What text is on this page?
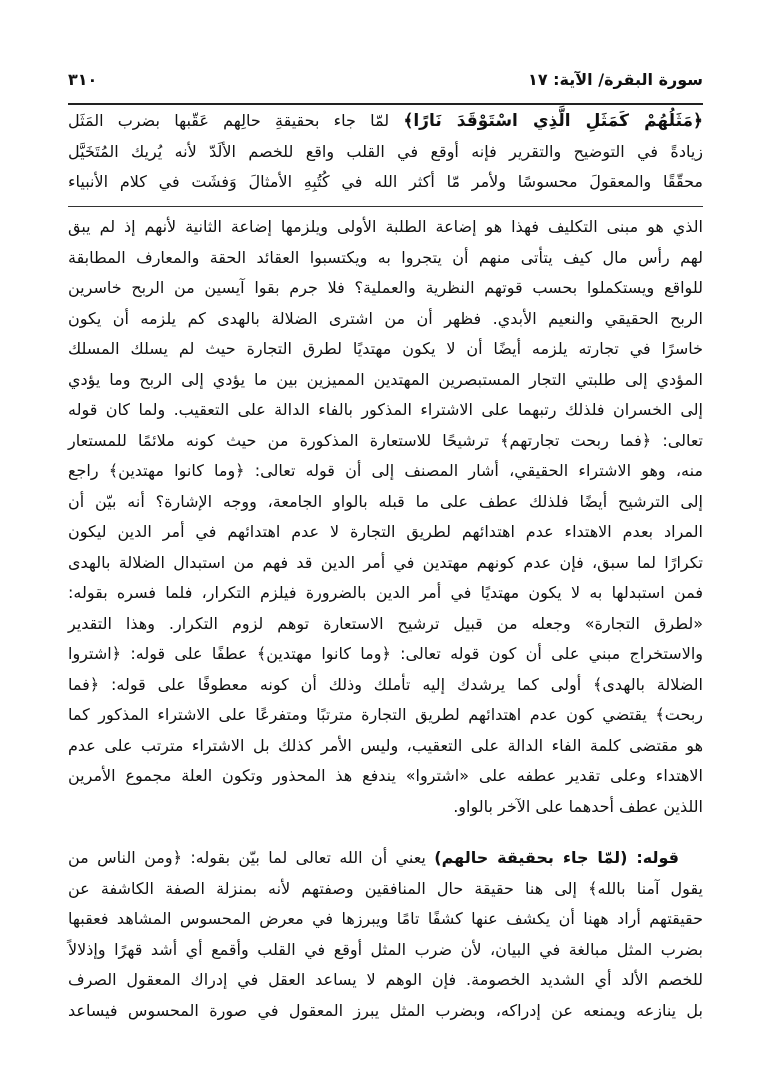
سورة البقرة/ الآية: ١٧
٣١٠
﴿مَثَلُهُمْ كَمَثَلِ الَّذِي اسْتَوْقَدَ نَارًا﴾ لمّا جاء بحقيقةِ حالِهم عَقّبها بضرب المَثَل
زيادةً في التوضيح والتقرير فإنه أوقع في القلب واقع للخصم الألَدّ لأنه يُريك المُتَخَيَّل
محقّقًا والمعقولَ محسوسًا ولأمر مّا أكثر الله في كُتُبِهِ الأمثالَ وَفشَت في كلام الأنبياء
الذي هو مبنى التكليف فهذا هو إضاعة الطلبة الأولى ويلزمها إضاعة الثانية لأنهم إذ لم يبق
لهم رأس مال كيف يتأتى منهم أن يتجروا به ويكتسبوا العقائد الحقة والمعارف المطابقة
للواقع ويستكملوا بحسب قوتهم النظرية والعملية؟ فلا جرم بقوا آيسين من الربح خاسرين
الربح الحقيقي والنعيم الأبدي. فظهر أن من اشترى الضلالة بالهدى كم يلزمه أن يكون
خاسرًا في تجارته يلزمه أيضًا أن لا يكون مهتديًا لطرق التجارة حيث لم يسلك المسلك
المؤدي إلى طلبتي التجار المستبصرين المهتدين المميزين بين ما يؤدي إلى الربح وما يؤدي
إلى الخسران فلذلك رتبهما على الاشتراء المذكور بالفاء الدالة على التعقيب. ولما كان قوله
تعالى: ﴿فما ربحت تجارتهم﴾ ترشيحًا للاستعارة المذكورة من حيث كونه ملائمًا للمستعار
منه، وهو الاشتراء الحقيقي، أشار المصنف إلى أن قوله تعالى: ﴿وما كانوا مهتدين﴾ راجع
إلى الترشيح أيضًا فلذلك عطف على ما قبله بالواو الجامعة، ووجه الإشارة؟ أنه بيّن أن
المراد بعدم الاهتداء عدم اهتدائهم لطريق التجارة لا عدم اهتدائهم في أمر الدين ليكون
تكرارًا لما سبق، فإن عدم كونهم مهتدين في أمر الدين قد فهم من استبدال الضلالة بالهدى
فمن استبدلها به لا يكون مهتديًا في أمر الدين بالضرورة فيلزم التكرار، فلما فسره بقوله:
«لطرق التجارة» وجعله من قبيل ترشيح الاستعارة توهم لزوم التكرار. وهذا التقدير
والاستخراج مبني على أن كون قوله تعالى: ﴿وما كانوا مهتدين﴾ عطفًا على قوله: ﴿اشتروا
الضلالة بالهدى﴾ أولى كما يرشدك إليه تأملك وذلك أن كونه معطوفًا على قوله: ﴿فما
ربحت﴾ يقتضي كون عدم اهتدائهم لطريق التجارة مترتبًا ومتفرعًا على الاشتراء المذكور كما
هو مقتضى كلمة الفاء الدالة على التعقيب، وليس الأمر كذلك بل الاشتراء مترتب على عدم
الاهتداء وعلى تقدير عطفه على «اشتروا» يندفع هذ المحذور وتكون العلة مجموع الأمرين
اللذين عطف أحدهما على الآخر بالواو.
قوله: (لمّا جاء بحقيقة حالهم) يعني أن الله تعالى لما بيّن بقوله: ﴿ومن الناس من
يقول آمنا بالله﴾ إلى هنا حقيقة حال المنافقين وصفتهم لأنه بمنزلة الصفة الكاشفة عن
حقيقتهم أراد ههنا أن يكشف عنها كشفًا تامًا ويبرزها في معرض المحسوس المشاهد فعقبها
بضرب المثل مبالغة في البيان، لأن ضرب المثل أوقع في القلب وأقمع أي أشد قهرًا وإذلالاً
للخصم الألد أي الشديد الخصومة. فإن الوهم لا يساعد العقل في إدراك المعقول الصرف
بل ينازعه ويمنعه عن إدراكه، وبضرب المثل يبرز المعقول في صورة المحسوس فيساعد
